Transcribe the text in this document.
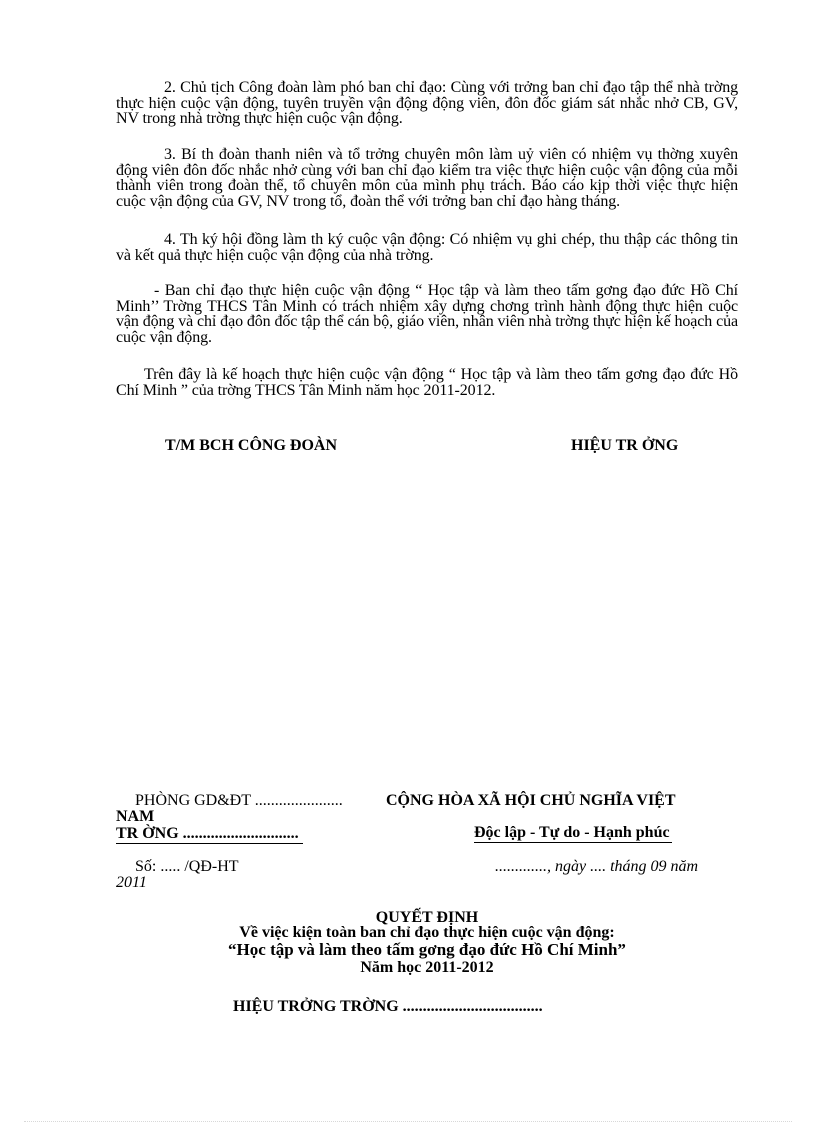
2. Chủ tịch Công đoàn làm phó ban chỉ đạo: Cùng với trởng ban chỉ đạo tập thể nhà trờng thực hiện cuộc vận động, tuyên truyền vận động động viên, đôn đốc giám sát nhắc nhở CB, GV, NV trong nhà trờng thực hiện cuộc vận động.
3. Bí th đoàn thanh niên và tổ trởng chuyên môn làm uỷ viên có nhiệm vụ thờng xuyên động viên đôn đốc nhắc nhở cùng với ban chỉ đạo kiểm tra việc thực hiện cuộc vận động của mỗi thành viên trong đoàn thể, tổ chuyên môn của mình phụ trách. Báo cáo kịp thời việc thực hiện cuộc vận động của GV, NV trong tổ, đoàn thể với trởng ban chỉ đạo hàng tháng.
4. Th ký hội đồng làm th ký cuộc vận động: Có nhiệm vụ ghi chép, thu thập các thông tin và kết quả thực hiện cuộc vận động của nhà trờng.
- Ban chỉ đạo thực hiện cuộc vận động “ Học tập và làm theo tấm gơng đạo đức Hồ Chí Minh’’ Trờng THCS Tân Minh có trách nhiệm xây dựng chơng trình hành động thực hiện cuộc vận động và chỉ đạo đôn đốc tập thể cán bộ, giáo viên, nhân viên nhà trờng thực hiện kế hoạch của cuộc vận động.
Trên đây là kế hoạch thực hiện cuộc vận động “ Học tập và làm theo tấm gơng đạo đức Hồ Chí Minh ” của trờng THCS Tân Minh năm học 2011-2012.
T/M BCH CÔNG ĐOÀN	HIỆU TR ỞNG
PHÒNG GD&ĐT ......................	CỘNG HÒA XÃ HỘI CHỦ NGHĨA VIỆT
NAM
TR ỜNG .............................	Độc lập - Tự do - Hạnh phúc
Số: ..... /QĐ-HT	............., ngày .... tháng 09 năm
2011
QUYẾT ĐỊNH
Về việc kiện toàn ban chỉ đạo thực hiện cuộc vận động:
“Học tập và làm theo tấm gơng đạo đức Hồ Chí Minh”
Năm học 2011-2012
HIỆU TRỞNG TRỜNG ...................................
